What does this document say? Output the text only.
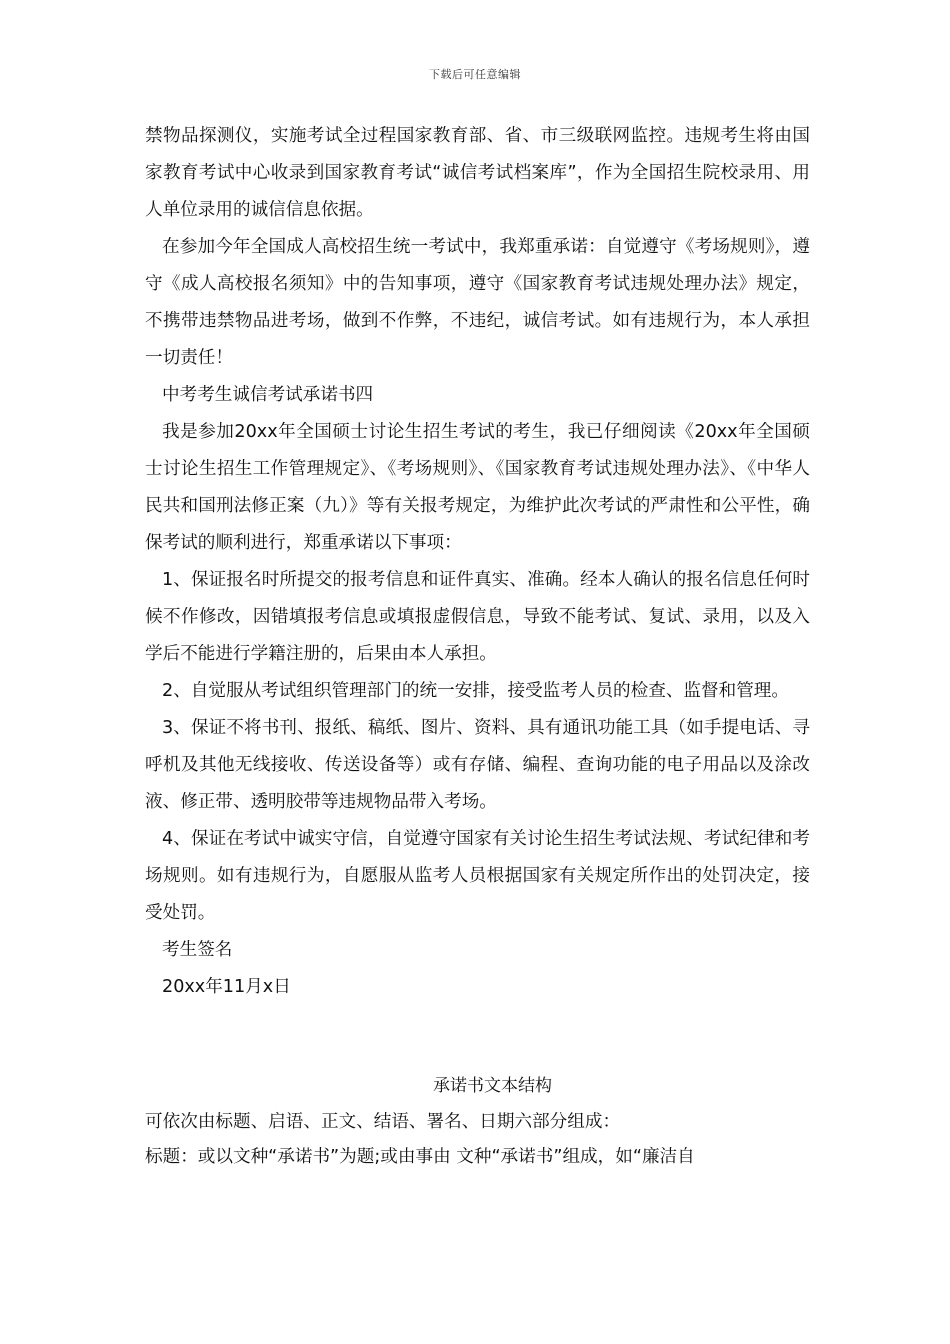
下载后可任意编辑

禁物品探测仪，实施考试全过程国家教育部、省、市三级联网监控。违规考生将由国家教育考试中心收录到国家教育考试“诚信考试档案库”，作为全国招生院校录用、用人单位录用的诚信信息依据。

在参加今年全国成人高校招生统一考试中，我郑重承诺：自觉遵守《考场规则》，遵守《成人高校报名须知》中的告知事项，遵守《国家教育考试违规处理办法》规定，不携带违禁物品进考场，做到不作弊，不违纪，诚信考试。如有违规行为，本人承担一切责任！

中考考生诚信考试承诺书四

我是参加20xx年全国硕士讨论生招生考试的考生，我已仔细阅读《20xx年全国硕士讨论生招生工作管理规定》、《考场规则》、《国家教育考试违规处理办法》、《中华人民共和国刑法修正案（九）》等有关报考规定，为维护此次考试的严肃性和公平性，确保考试的顺利进行，郑重承诺以下事项：

1、保证报名时所提交的报考信息和证件真实、准确。经本人确认的报名信息任何时候不作修改，因错填报考信息或填报虚假信息，导致不能考试、复试、录用，以及入学后不能进行学籍注册的，后果由本人承担。

2、自觉服从考试组织管理部门的统一安排，接受监考人员的检查、监督和管理。

3、保证不将书刊、报纸、稿纸、图片、资料、具有通讯功能工具（如手提电话、寻呼机及其他无线接收、传送设备等）或有存储、编程、查询功能的电子用品以及涂改液、修正带、透明胶带等违规物品带入考场。

4、保证在考试中诚实守信，自觉遵守国家有关讨论生招生考试法规、考试纪律和考场规则。如有违规行为，自愿服从监考人员根据国家有关规定所作出的处罚决定，接受处罚。

考生签名

20xx年11月x日

承诺书文本结构

可依次由标题、启语、正文、结语、署名、日期六部分组成：

标题：或以文种“承诺书”为题;或由事由 文种“承诺书”组成，如“廉洁自
